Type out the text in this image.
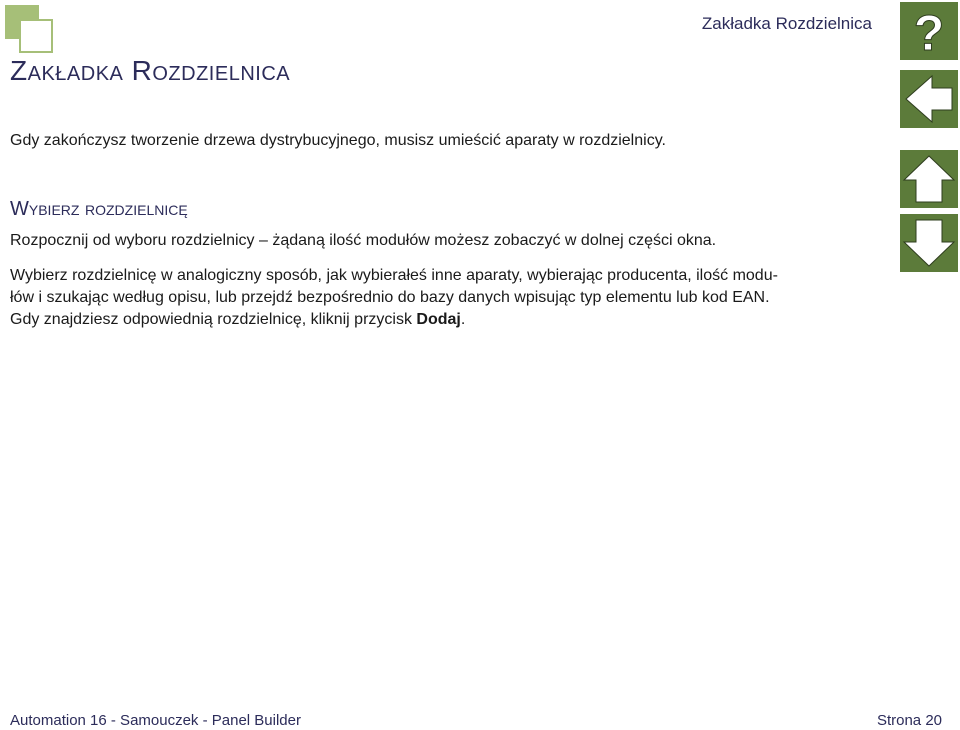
Zakładka Rozdzielnica ?
Zakładka Rozdzielnica

Gdy zakończysz tworzenie drzewa dystrybucyjnego, musisz umieścić aparaty w rozdzielnicy.

Wybierz rozdzielnicę

Rozpocznij od wyboru rozdzielnicy – żądaną ilość modułów możesz zobaczyć w dolnej części okna.

Wybierz rozdzielnicę w analogiczny sposób, jak wybierałeś inne aparaty, wybierając producenta, ilość modu-
łów i szukając według opisu, lub przejdź bezpośrednio do bazy danych wpisując typ elementu lub kod EAN.
Gdy znajdziesz odpowiednią rozdzielnicę, kliknij przycisk Dodaj.

Automation 16 - Samouczek - Panel Builder	Strona 20
